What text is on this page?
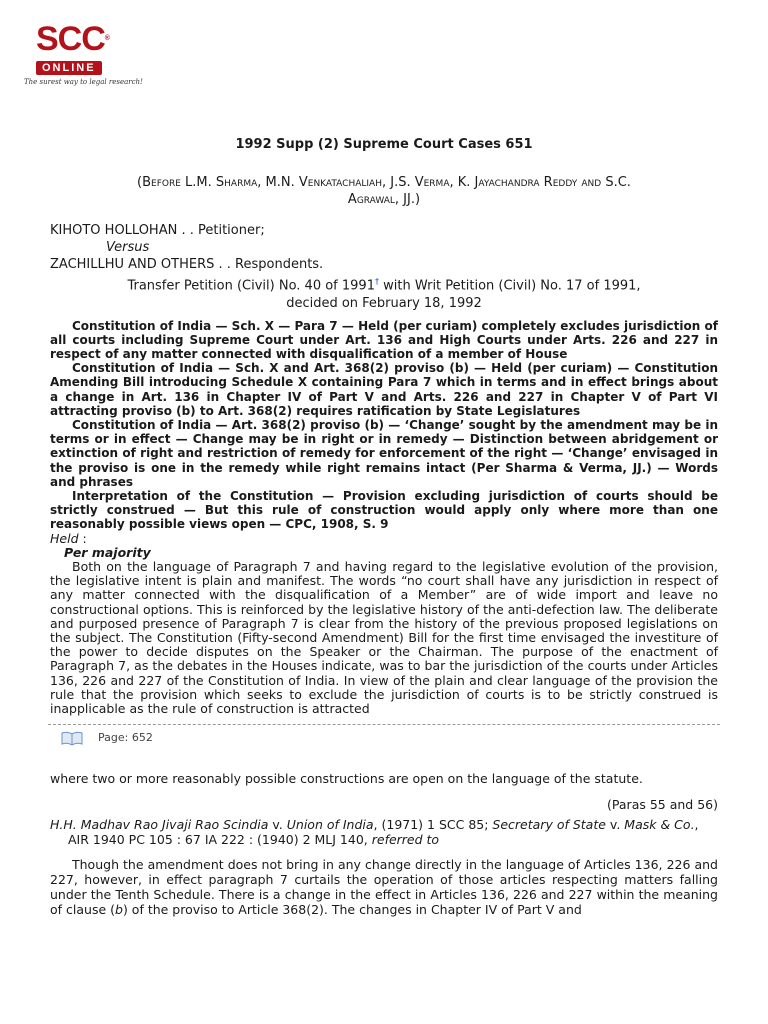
SCC®
ONLINE
The surest way to legal research!
1992 Supp (2) Supreme Court Cases 651
(Before L.M. Sharma, M.N. Venkatachaliah, J.S. Verma, K. Jayachandra Reddy and S.C.
Agrawal, JJ.)
KIHOTO HOLLOHAN . . Petitioner;
Versus
ZACHILLHU AND OTHERS . . Respondents.
Transfer Petition (Civil) No. 40 of 1991† with Writ Petition (Civil) No. 17 of 1991,
decided on February 18, 1992
Constitution of India — Sch. X — Para 7 — Held (per curiam) completely excludes jurisdiction of all courts including Supreme Court under Art. 136 and High Courts under Arts. 226 and 227 in respect of any matter connected with disqualification of a member of House
Constitution of India — Sch. X and Art. 368(2) proviso (b) — Held (per curiam) — Constitution Amending Bill introducing Schedule X containing Para 7 which in terms and in effect brings about a change in Art. 136 in Chapter IV of Part V and Arts. 226 and 227 in Chapter V of Part VI attracting proviso (b) to Art. 368(2) requires ratification by State Legislatures
Constitution of India — Art. 368(2) proviso (b) — ‘Change’ sought by the amendment may be in terms or in effect — Change may be in right or in remedy — Distinction between abridgement or extinction of right and restriction of remedy for enforcement of the right — ‘Change’ envisaged in the proviso is one in the remedy while right remains intact (Per Sharma & Verma, JJ.) — Words and phrases
Interpretation of the Constitution — Provision excluding jurisdiction of courts should be strictly construed — But this rule of construction would apply only where more than one reasonably possible views open — CPC, 1908, S. 9
Held :
Per majority
Both on the language of Paragraph 7 and having regard to the legislative evolution of the provision, the legislative intent is plain and manifest. The words “no court shall have any jurisdiction in respect of any matter connected with the disqualification of a Member” are of wide import and leave no constructional options. This is reinforced by the legislative history of the anti-defection law. The deliberate and purposed presence of Paragraph 7 is clear from the history of the previous proposed legislations on the subject. The Constitution (Fifty-second Amendment) Bill for the first time envisaged the investiture of the power to decide disputes on the Speaker or the Chairman. The purpose of the enactment of Paragraph 7, as the debates in the Houses indicate, was to bar the jurisdiction of the courts under Articles 136, 226 and 227 of the Constitution of India. In view of the plain and clear language of the provision the rule that the provision which seeks to exclude the jurisdiction of courts is to be strictly construed is inapplicable as the rule of construction is attracted
Page: 652
where two or more reasonably possible constructions are open on the language of the statute.
(Paras 55 and 56)
H.H. Madhav Rao Jivaji Rao Scindia v. Union of India, (1971) 1 SCC 85; Secretary of State v. Mask & Co., AIR 1940 PC 105 : 67 IA 222 : (1940) 2 MLJ 140, referred to
Though the amendment does not bring in any change directly in the language of Articles 136, 226 and 227, however, in effect paragraph 7 curtails the operation of those articles respecting matters falling under the Tenth Schedule. There is a change in the effect in Articles 136, 226 and 227 within the meaning of clause (b) of the proviso to Article 368(2). The changes in Chapter IV of Part V and
